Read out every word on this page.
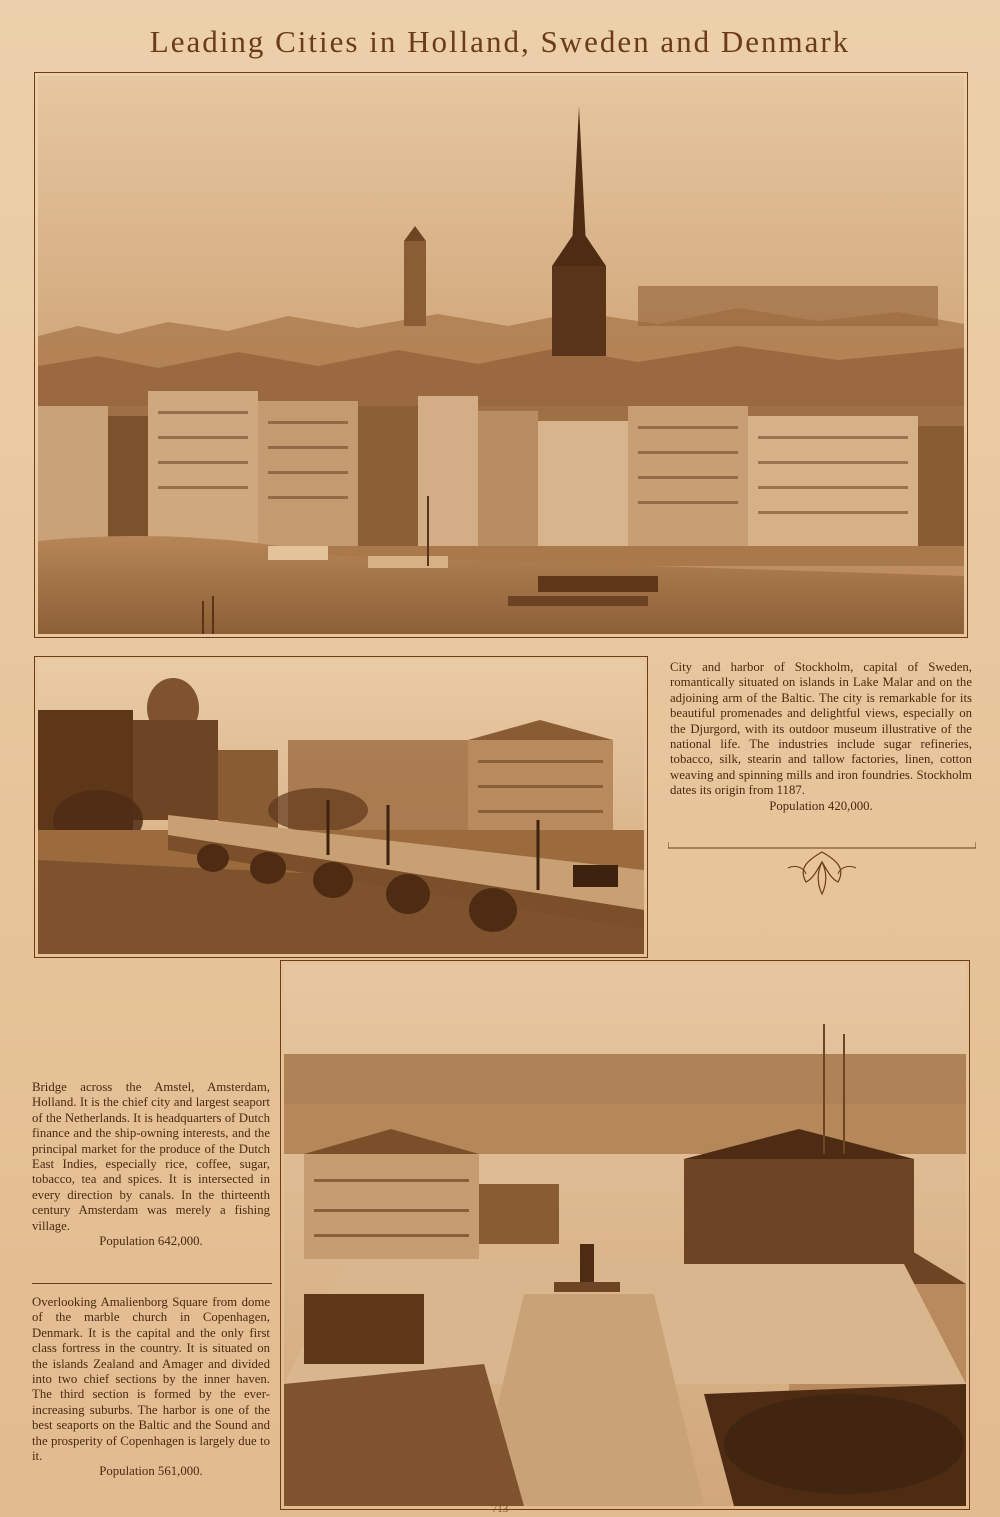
Leading Cities in Holland, Sweden and Denmark
City and harbor of Stockholm, capital of Sweden, romantically situated on islands in Lake Malar and on the adjoining arm of the Baltic. The city is remarkable for its beautiful promenades and delightful views, especially on the Djurgord, with its outdoor museum illustrative of the national life. The industries include sugar refineries, tobacco, silk, stearin and tallow factories, linen, cotton weaving and spinning mills and iron foundries. Stockholm dates its origin from 1187.
Population 420,000.
Bridge across the Amstel, Amsterdam, Holland. It is the chief city and largest seaport of the Netherlands. It is headquarters of Dutch finance and the ship-owning interests, and the principal market for the produce of the Dutch East Indies, especially rice, coffee, sugar, tobacco, tea and spices. It is intersected in every direction by canals. In the thirteenth century Amsterdam was merely a fishing village.
Population 642,000.
Overlooking Amalienborg Square from dome of the marble church in Copenhagen, Denmark. It is the capital and the only first class fortress in the country. It is situated on the islands Zealand and Amager and divided into two chief sections by the inner haven. The third section is formed by the ever-increasing suburbs. The harbor is one of the best seaports on the Baltic and the Sound and the prosperity of Copenhagen is largely due to it.
Population 561,000.
713
